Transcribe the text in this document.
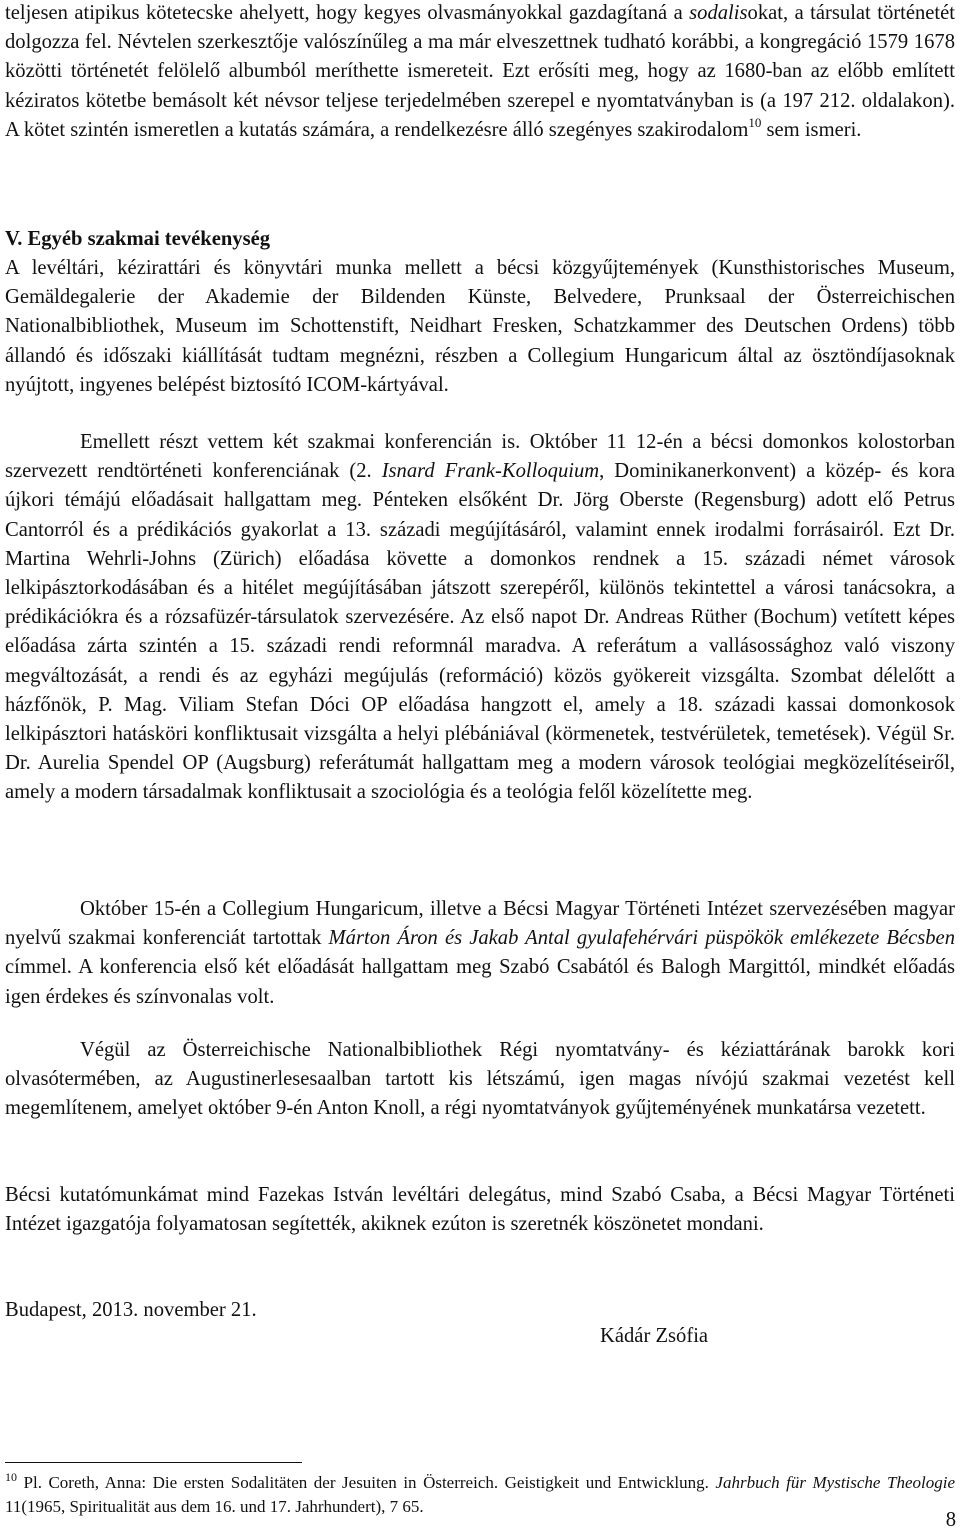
teljesen atipikus kötetecske ahelyett, hogy kegyes olvasmányokkal gazdagítaná a sodalisokat, a társulat történetét dolgozza fel. Névtelen szerkesztője valószínűleg a ma már elveszettnek tudható korábbi, a kongregáció 1579 1678 közötti történetét felölelő albumból meríthette ismereteit. Ezt erősíti meg, hogy az 1680-ban az előbb említett kéziratos kötetbe bemásolt két névsor teljese terjedelmében szerepel e nyomtatványban is (a 197 212. oldalakon). A kötet szintén ismeretlen a kutatás számára, a rendelkezésre álló szegényes szakirodalom$^{10}$ sem ismeri.

V. Egyéb szakmai tevékenység

A levéltári, kézirattári és könyvtári munka mellett a bécsi közgyűjtemények (Kunsthistorisches Museum, Gemäldegalerie der Akademie der Bildenden Künste, Belvedere, Prunksaal der Österreichischen Nationalbibliothek, Museum im Schottenstift, Neidhart Fresken, Schatzkammer des Deutschen Ordens) több állandó és időszaki kiállítását tudtam megnézni, részben a Collegium Hungaricum által az ösztöndíjasoknak nyújtott, ingyenes belépést biztosító ICOM-kártyával.

Emellett részt vettem két szakmai konferencián is. Október 11 12-én a bécsi domonkos kolostorban szervezett rendtörténeti konferenciának (2. Isnard Frank-Kolloquium, Dominikanerkonvent) a közép- és kora újkori témájú előadásait hallgattam meg. Pénteken elsőként Dr. Jörg Oberste (Regensburg) adott elő Petrus Cantorról és a prédikációs gyakorlat a 13. századi megújításáról, valamint ennek irodalmi forrásairól. Ezt Dr. Martina Wehrli-Johns (Zürich) előadása követte a domonkos rendnek a 15. századi német városok lelkipásztorkodásában és a hitélet megújításában játszott szerepéről, különös tekintettel a városi tanácsokra, a prédikációkra és a rózsafüzér-társulatok szervezésére. Az első napot Dr. Andreas Rüther (Bochum) vetített képes előadása zárta szintén a 15. századi rendi reformnál maradva. A referátum a vallásossághoz való viszony megváltozását, a rendi és az egyházi megújulás (reformáció) közös gyökereit vizsgálta. Szombat délelőtt a házfőnök, P. Mag. Viliam Stefan Dóci OP előadása hangzott el, amely a 18. századi kassai domonkosok lelkipásztori hatásköri konfliktusait vizsgálta a helyi plébániával (körmenetek, testvérületek, temetések). Végül Sr. Dr. Aurelia Spendel OP (Augsburg) referátumát hallgattam meg a modern városok teológiai megközelítéseiről, amely a modern társadalmak konfliktusait a szociológia és a teológia felől közelítette meg.

Október 15-én a Collegium Hungaricum, illetve a Bécsi Magyar Történeti Intézet szervezésében magyar nyelvű szakmai konferenciát tartottak Márton Áron és Jakab Antal gyulafehérvári püspökök emlékezete Bécsben címmel. A konferencia első két előadását hallgattam meg Szabó Csabától és Balogh Margittól, mindkét előadás igen érdekes és színvonalas volt.

Végül az Österreichische Nationalbibliothek Régi nyomtatvány- és kéziattárának barokk kori olvasótermében, az Augustinerlesesaalban tartott kis létszámú, igen magas nívójú szakmai vezetést kell megemlítenem, amelyet október 9-én Anton Knoll, a régi nyomtatványok gyűjteményének munkatársa vezetett.

Bécsi kutatómunkámat mind Fazekas István levéltári delegátus, mind Szabó Csaba, a Bécsi Magyar Történeti Intézet igazgatója folyamatosan segítették, akiknek ezúton is szeretnék köszönetet mondani.

Budapest, 2013. november 21.

Kádár Zsófia

$^{10}$ Pl. Coreth, Anna: Die ersten Sodalitäten der Jesuiten in Österreich. Geistigkeit und Entwicklung. Jahrbuch für Mystische Theologie 11(1965, Spiritualität aus dem 16. und 17. Jahrhundert), 7 65.

8
